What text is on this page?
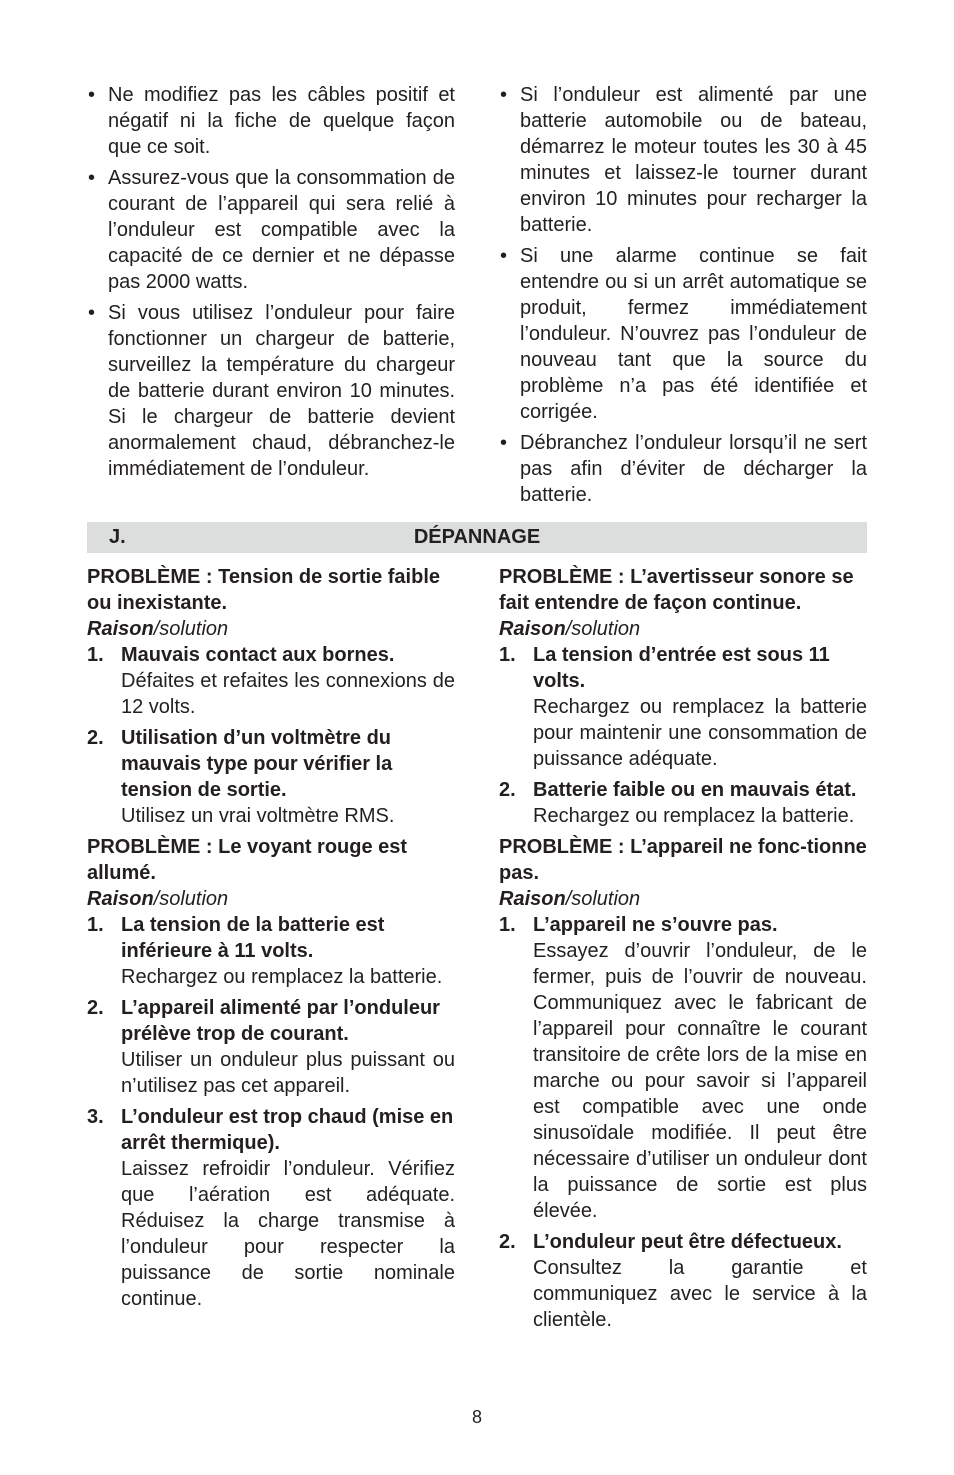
• Ne modifiez pas les câbles positif et négatif ni la fiche de quelque façon que ce soit.
• Assurez-vous que la consommation de courant de l’appareil qui sera relié à l’onduleur est compatible avec la capacité de ce dernier et ne dépasse pas 2000 watts.
• Si vous utilisez l’onduleur pour faire fonctionner un chargeur de batterie, surveillez la température du chargeur de batterie durant environ 10 minutes. Si le chargeur de batterie devient anormalement chaud, débranchez-le immédiatement de l’onduleur.
• Si l’onduleur est alimenté par une batterie automobile ou de bateau, démarrez le moteur toutes les 30 à 45 minutes et laissez-le tourner durant environ 10 minutes pour recharger la batterie.
• Si une alarme continue se fait entendre ou si un arrêt automatique se produit, fermez immédiatement l’onduleur. N’ouvrez pas l’onduleur de nouveau tant que la source du problème n’a pas été identifiée et corrigée.
• Débranchez l’onduleur lorsqu’il ne sert pas afin d’éviter de décharger la batterie.
DÉPANNAGE
J.
PROBLÈME : Tension de sortie faible ou inexistante.
Raison/solution
1. Mauvais contact aux bornes.
Défaites et refaites les connexions de 12 volts.
2. Utilisation d’un voltmètre du mauvais type pour vérifier la tension de sortie.
Utilisez un vrai voltmètre RMS.
PROBLÈME : Le voyant rouge est allumé.
Raison/solution
1. La tension de la batterie est inférieure à 11 volts.
Rechargez ou remplacez la batterie.
2. L’appareil alimenté par l’onduleur prélève trop de courant.
Utiliser un onduleur plus puissant ou n’utilisez pas cet appareil.
3. L’onduleur est trop chaud (mise en arrêt thermique).
Laissez refroidir l’onduleur. Vérifiez que l’aération est adéquate. Réduisez la charge transmise à l’onduleur pour respecter la puissance de sortie nominale continue.
PROBLÈME : L’avertisseur sonore se fait entendre de façon continue.
Raison/solution
1. La tension d’entrée est sous 11 volts.
Rechargez ou remplacez la batterie pour maintenir une consommation de puissance adéquate.
2. Batterie faible ou en mauvais état.
Rechargez ou remplacez la batterie.
PROBLÈME : L’appareil ne fonc-tionne pas.
Raison/solution
1. L’appareil ne s’ouvre pas.
Essayez d’ouvrir l’onduleur, de le fermer, puis de l’ouvrir de nouveau. Communiquez avec le fabricant de l’appareil pour connaître le courant transitoire de crête lors de la mise en marche ou pour savoir si l’appareil est compatible avec une onde sinusoïdale modifiée. Il peut être nécessaire d’utiliser un onduleur dont la puissance de sortie est plus élevée.
2. L’onduleur peut être défectueux.
Consultez la garantie et communiquez avec le service à la clientèle.
8
